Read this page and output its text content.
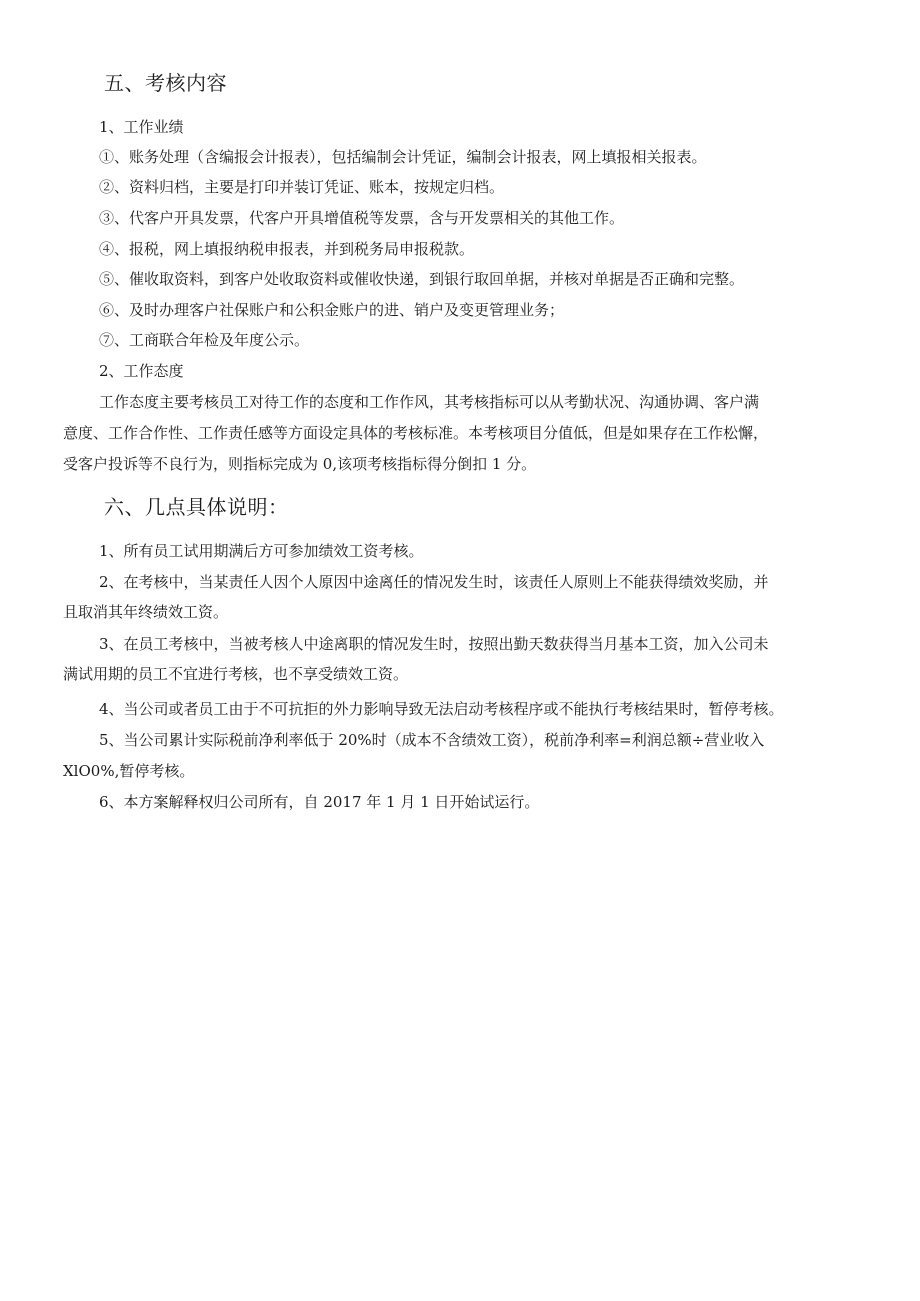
五、考核内容
1、工作业绩
①、账务处理（含编报会计报表），包括编制会计凭证，编制会计报表，网上填报相关报表。
②、资料归档，主要是打印并装订凭证、账本，按规定归档。
③、代客户开具发票，代客户开具增值税等发票，含与开发票相关的其他工作。
④、报税，网上填报纳税申报表，并到税务局申报税款。
⑤、催收取资料，到客户处收取资料或催收快递，到银行取回单据，并核对单据是否正确和完整。
⑥、及时办理客户社保账户和公积金账户的进、销户及变更管理业务；
⑦、工商联合年检及年度公示。
2、工作态度
工作态度主要考核员工对待工作的态度和工作作风，其考核指标可以从考勤状况、沟通协调、客户满
意度、工作合作性、工作责任感等方面设定具体的考核标准。本考核项目分值低，但是如果存在工作松懈，
受客户投诉等不良行为，则指标完成为 0,该项考核指标得分倒扣 1 分。
六、几点具体说明：
1、所有员工试用期满后方可参加绩效工资考核。
2、在考核中，当某责任人因个人原因中途离任的情况发生时，该责任人原则上不能获得绩效奖励，并
且取消其年终绩效工资。
3、在员工考核中，当被考核人中途离职的情况发生时，按照出勤天数获得当月基本工资，加入公司未
满试用期的员工不宜进行考核，也不享受绩效工资。
4、当公司或者员工由于不可抗拒的外力影响导致无法启动考核程序或不能执行考核结果时，暂停考核。
5、当公司累计实际税前净利率低于 20%时（成本不含绩效工资），税前净利率=利润总额÷营业收入
XlO0%,暂停考核。
6、本方案解释权归公司所有，自 2017 年 1 月 1 日开始试运行。
